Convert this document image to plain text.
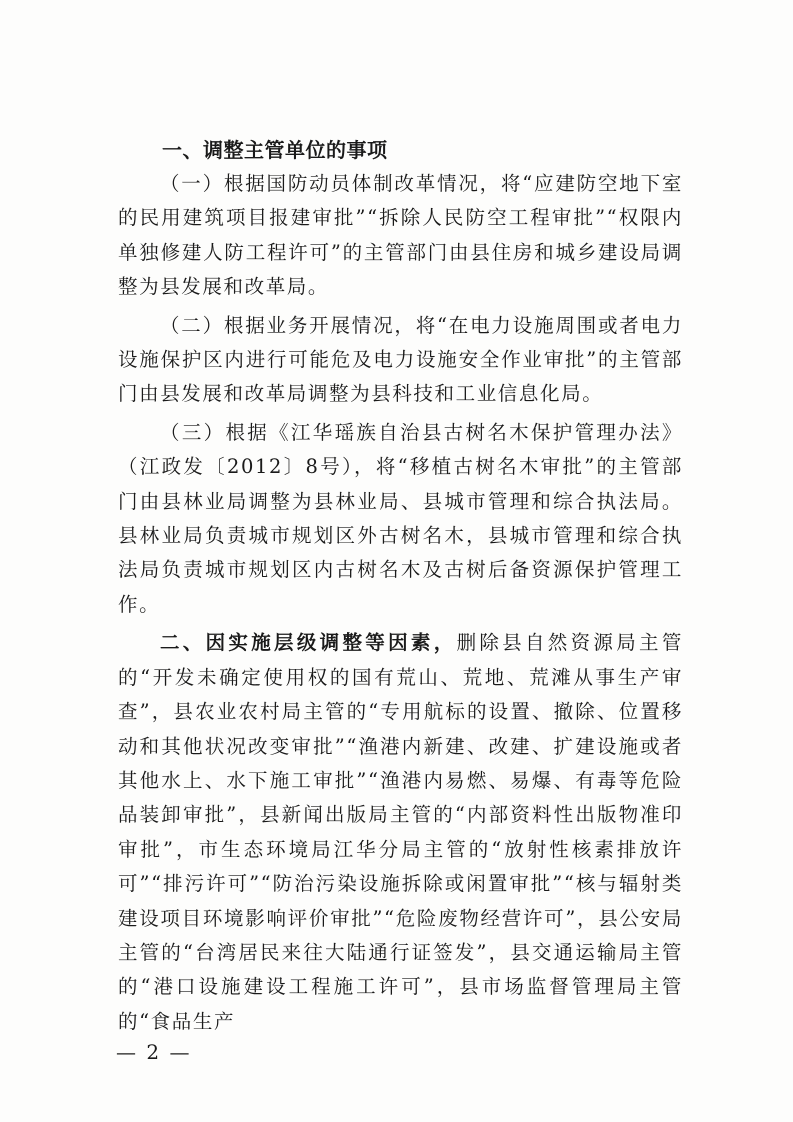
一、调整主管单位的事项

（一）根据国防动员体制改革情况，将“应建防空地下室的民用建筑项目报建审批”“拆除人民防空工程审批”“权限内单独修建人防工程许可”的主管部门由县住房和城乡建设局调整为县发展和改革局。

（二）根据业务开展情况，将“在电力设施周围或者电力设施保护区内进行可能危及电力设施安全作业审批”的主管部门由县发展和改革局调整为县科技和工业信息化局。

（三）根据《江华瑶族自治县古树名木保护管理办法》（江政发〔2012〕8号），将“移植古树名木审批”的主管部门由县林业局调整为县林业局、县城市管理和综合执法局。县林业局负责城市规划区外古树名木，县城市管理和综合执法局负责城市规划区内古树名木及古树后备资源保护管理工作。

二、因实施层级调整等因素，删除县自然资源局主管的“开发未确定使用权的国有荒山、荒地、荒滩从事生产审查”，县农业农村局主管的“专用航标的设置、撤除、位置移动和其他状况改变审批”“渔港内新建、改建、扩建设施或者其他水上、水下施工审批”“渔港内易燃、易爆、有毒等危险品装卸审批”，县新闻出版局主管的“内部资料性出版物准印审批”，市生态环境局江华分局主管的“放射性核素排放许可”“排污许可”“防治污染设施拆除或闲置审批”“核与辐射类建设项目环境影响评价审批”“危险废物经营许可”，县公安局主管的“台湾居民来往大陆通行证签发”，县交通运输局主管的“港口设施建设工程施工许可”，县市场监督管理局主管的“食品生产

— 2 —
